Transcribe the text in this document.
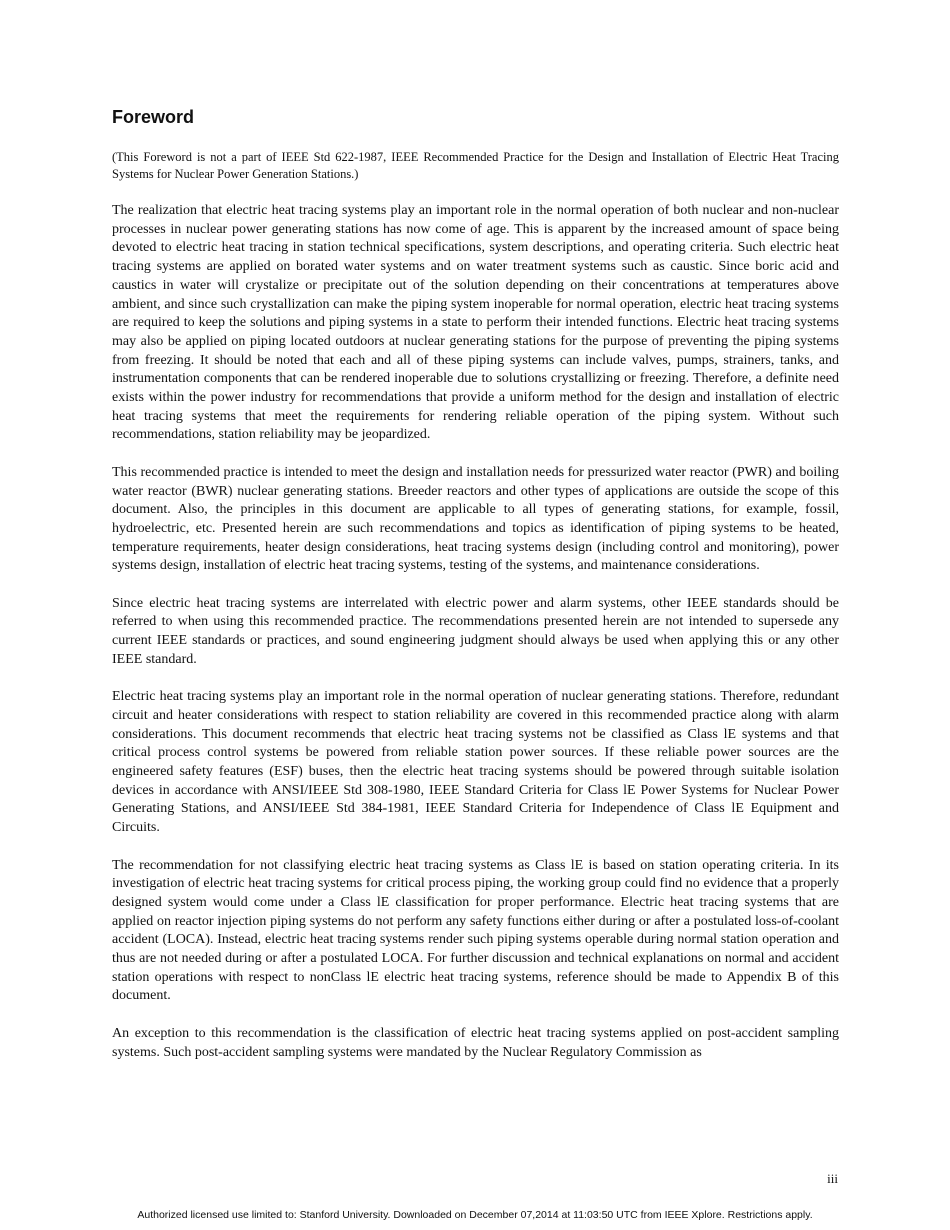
Foreword

(This Foreword is not a part of IEEE Std 622-1987, IEEE Recommended Practice for the Design and Installation of Electric Heat Tracing Systems for Nuclear Power Generation Stations.)

The realization that electric heat tracing systems play an important role in the normal operation of both nuclear and non-nuclear processes in nuclear power generating stations has now come of age. This is apparent by the increased amount of space being devoted to electric heat tracing in station technical specifications, system descriptions, and operating criteria. Such electric heat tracing systems are applied on borated water systems and on water treatment systems such as caustic. Since boric acid and caustics in water will crystalize or precipitate out of the solution depending on their concentrations at temperatures above ambient, and since such crystallization can make the piping system inoperable for normal operation, electric heat tracing systems are required to keep the solutions and piping systems in a state to perform their intended functions. Electric heat tracing systems may also be applied on piping located outdoors at nuclear generating stations for the purpose of preventing the piping systems from freezing. It should be noted that each and all of these piping systems can include valves, pumps, strainers, tanks, and instrumentation components that can be rendered inoperable due to solutions crystallizing or freezing. Therefore, a definite need exists within the power industry for recommendations that provide a uniform method for the design and installation of electric heat tracing systems that meet the requirements for rendering reliable operation of the piping system. Without such recommendations, station reliability may be jeopardized.

This recommended practice is intended to meet the design and installation needs for pressurized water reactor (PWR) and boiling water reactor (BWR) nuclear generating stations. Breeder reactors and other types of applications are outside the scope of this document. Also, the principles in this document are applicable to all types of generating stations, for example, fossil, hydroelectric, etc. Presented herein are such recommendations and topics as identification of piping systems to be heated, temperature requirements, heater design considerations, heat tracing systems design (including control and monitoring), power systems design, installation of electric heat tracing systems, testing of the systems, and maintenance considerations.

Since electric heat tracing systems are interrelated with electric power and alarm systems, other IEEE standards should be referred to when using this recommended practice. The recommendations presented herein are not intended to supersede any current IEEE standards or practices, and sound engineering judgment should always be used when applying this or any other IEEE standard.

Electric heat tracing systems play an important role in the normal operation of nuclear generating stations. Therefore, redundant circuit and heater considerations with respect to station reliability are covered in this recommended practice along with alarm considerations. This document recommends that electric heat tracing systems not be classified as Class lE systems and that critical process control systems be powered from reliable station power sources. If these reliable power sources are the engineered safety features (ESF) buses, then the electric heat tracing systems should be powered through suitable isolation devices in accordance with ANSI/IEEE Std 308-1980, IEEE Standard Criteria for Class lE Power Systems for Nuclear Power Generating Stations, and ANSI/IEEE Std 384-1981, IEEE Standard Criteria for Independence of Class lE Equipment and Circuits.

The recommendation for not classifying electric heat tracing systems as Class lE is based on station operating criteria. In its investigation of electric heat tracing systems for critical process piping, the working group could find no evidence that a properly designed system would come under a Class lE classification for proper performance. Electric heat tracing systems that are applied on reactor injection piping systems do not perform any safety functions either during or after a postulated loss-of-coolant accident (LOCA). Instead, electric heat tracing systems render such piping systems operable during normal station operation and thus are not needed during or after a postulated LOCA. For further discussion and technical explanations on normal and accident station operations with respect to nonClass lE electric heat tracing systems, reference should be made to Appendix B of this document.

An exception to this recommendation is the classification of electric heat tracing systems applied on post-accident sampling systems. Such post-accident sampling systems were mandated by the Nuclear Regulatory Commission as

iii
Authorized licensed use limited to: Stanford University. Downloaded on December 07,2014 at 11:03:50 UTC from IEEE Xplore. Restrictions apply.
